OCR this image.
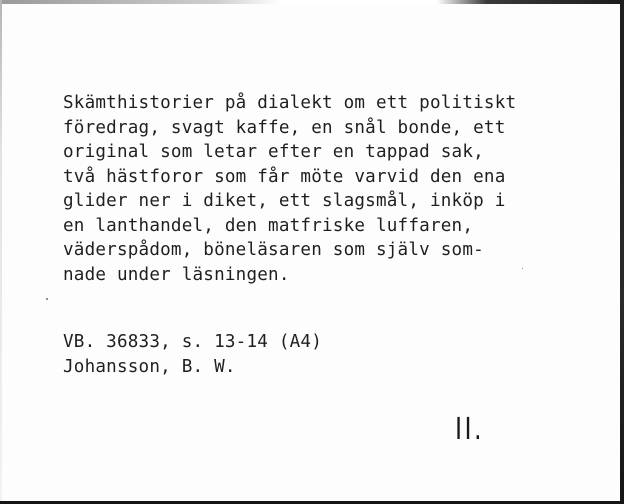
Skämthistorier på dialekt om ett politiskt
föredrag, svagt kaffe, en snål bonde, ett
original som letar efter en tappad sak,
två hästforor som får möte varvid den ena
glider ner i diket, ett slagsmål, inköp i
en lanthandel, den matfriske luffaren,
väderspådom, böneläsaren som själv som-
nade under läsningen.

VB. 36833, s. 13-14 (A4)
Johansson, B. W.

II.
